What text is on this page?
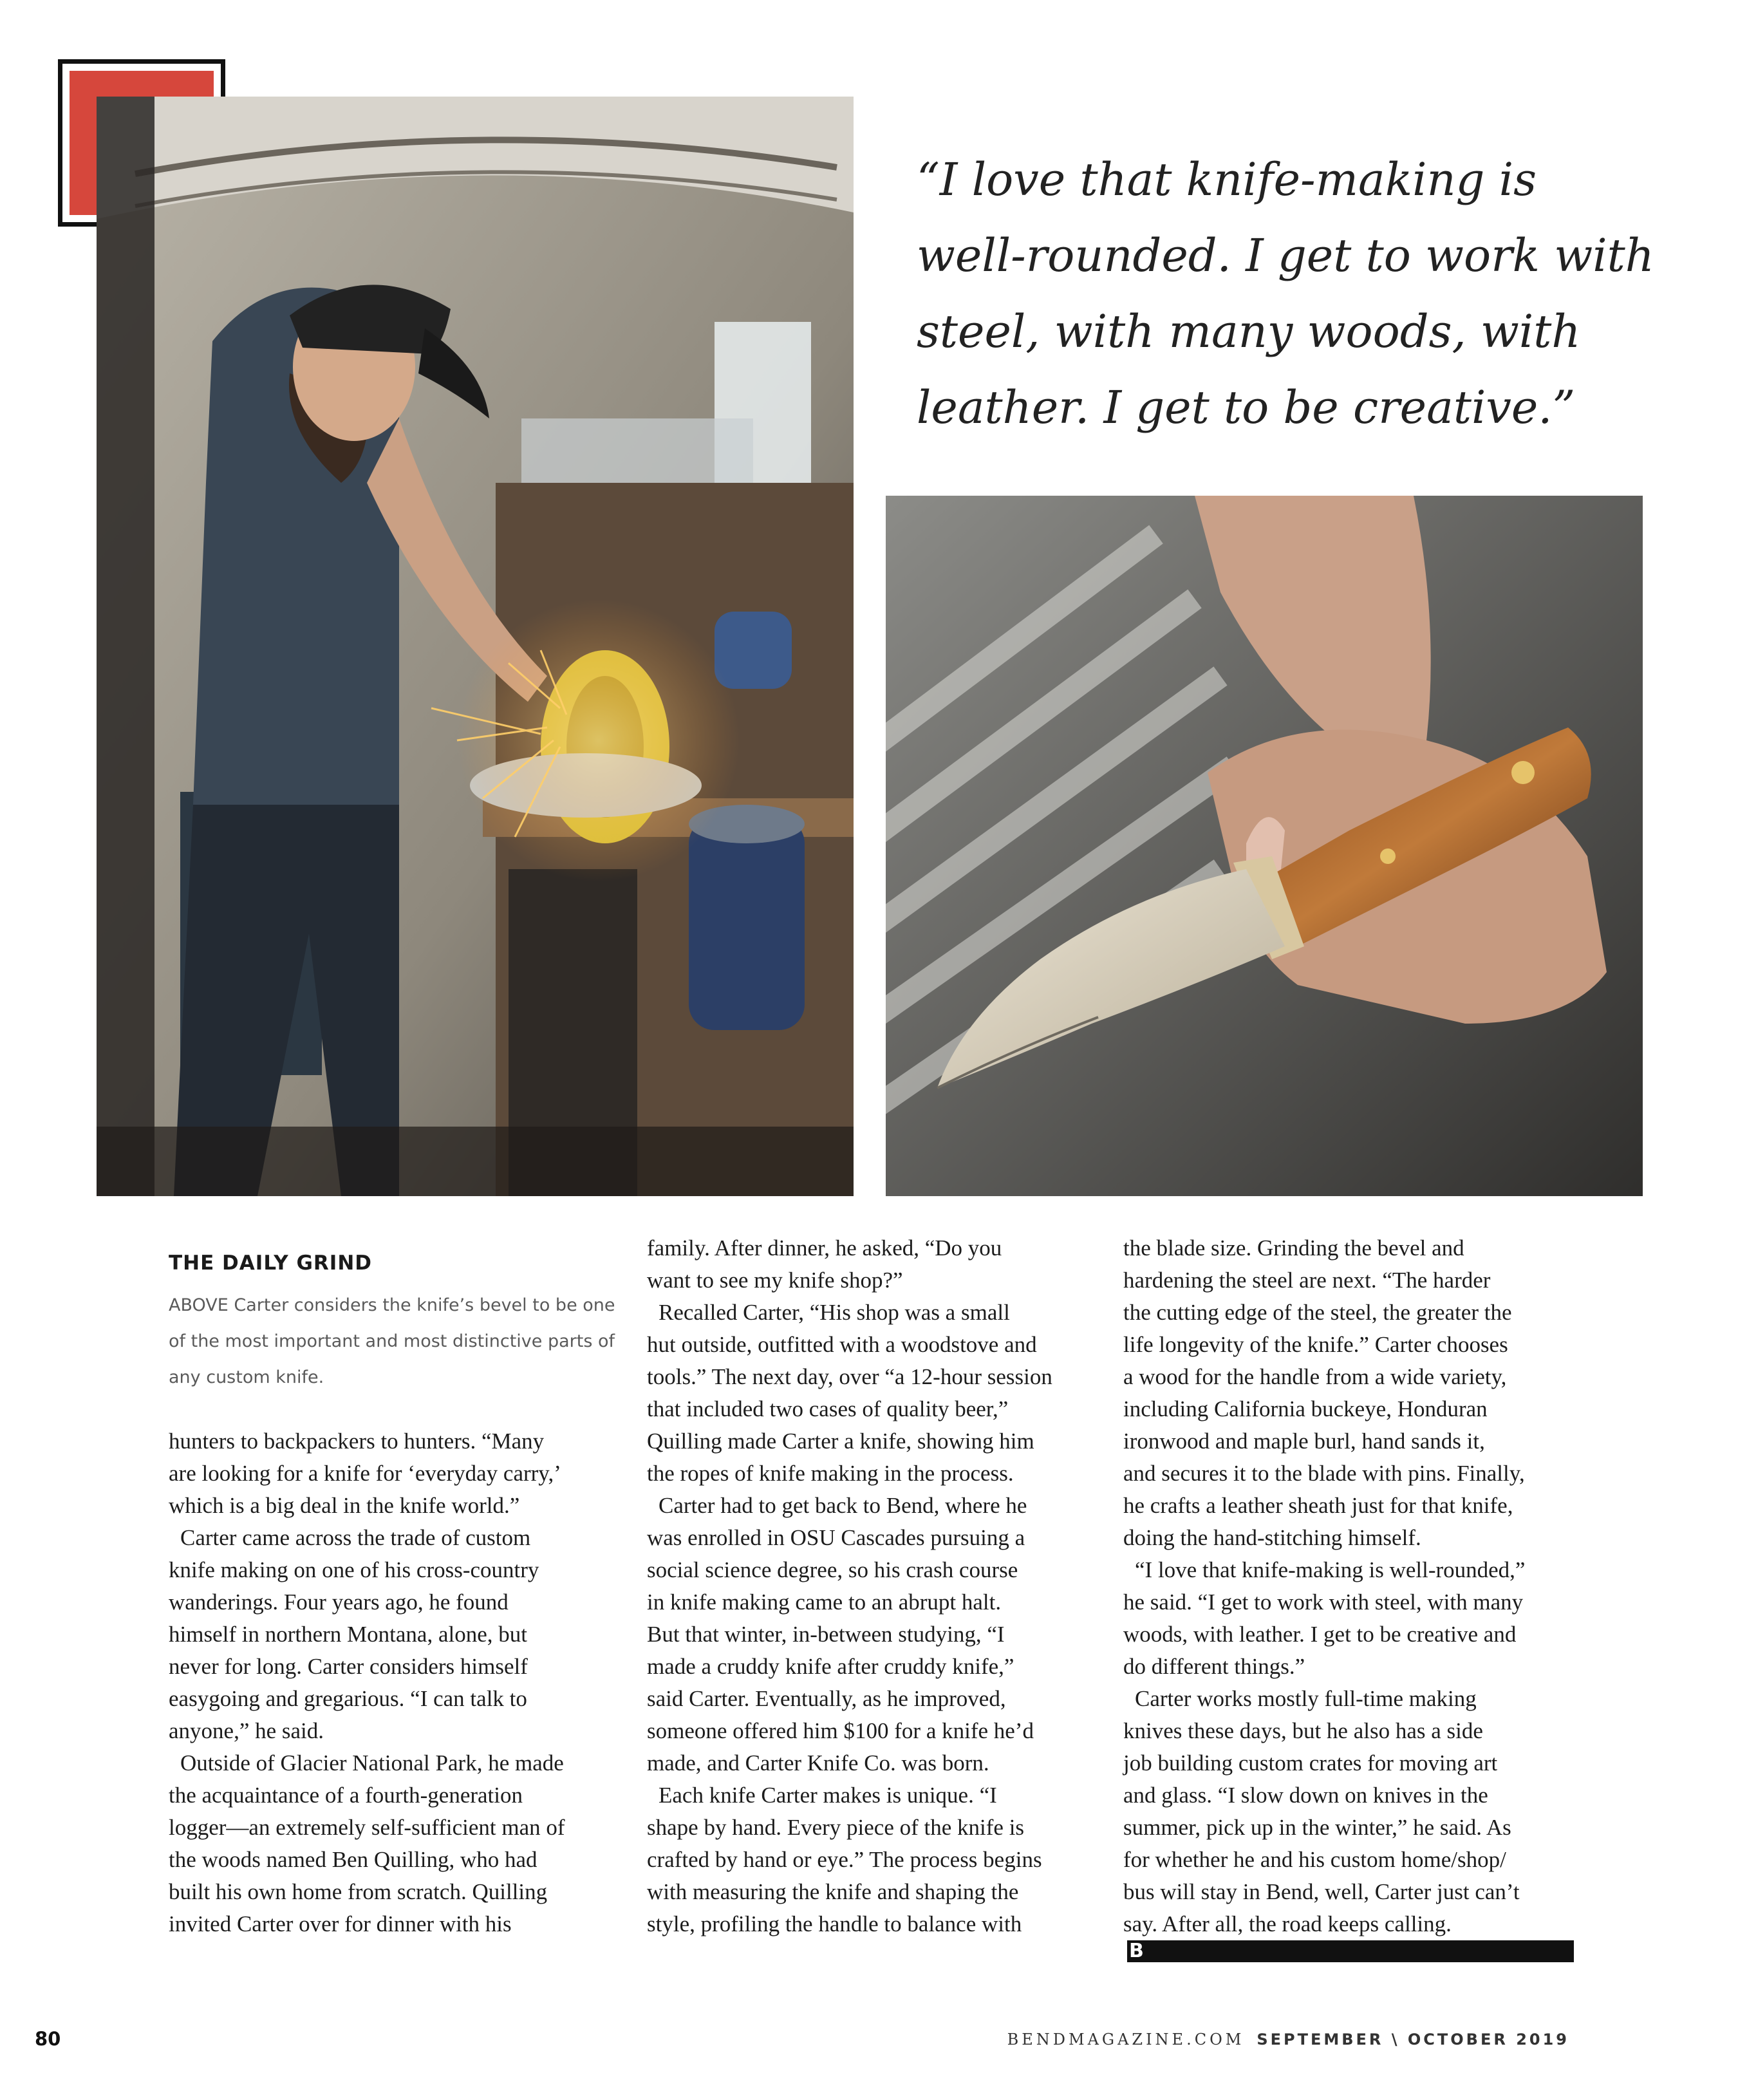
“I love that knife-making is
well-rounded. I get to work with
steel, with many woods, with
leather. I get to be creative.”
THE DAILY GRIND
ABOVE Carter considers the knife’s bevel to be one
of the most important and most distinctive parts of
any custom knife.
hunters to backpackers to hunters. “Many
are looking for a knife for ‘everyday carry,’
which is a big deal in the knife world.”
Carter came across the trade of custom
knife making on one of his cross-country
wanderings. Four years ago, he found
himself in northern Montana, alone, but
never for long. Carter considers himself
easygoing and gregarious. “I can talk to
anyone,” he said.
Outside of Glacier National Park, he made
the acquaintance of a fourth-generation
logger—an extremely self-sufficient man of
the woods named Ben Quilling, who had
built his own home from scratch. Quilling
invited Carter over for dinner with his
family. After dinner, he asked, “Do you
want to see my knife shop?”
Recalled Carter, “His shop was a small
hut outside, outfitted with a woodstove and
tools.” The next day, over “a 12-hour session
that included two cases of quality beer,”
Quilling made Carter a knife, showing him
the ropes of knife making in the process.
Carter had to get back to Bend, where he
was enrolled in OSU Cascades pursuing a
social science degree, so his crash course
in knife making came to an abrupt halt.
But that winter, in-between studying, “I
made a cruddy knife after cruddy knife,”
said Carter. Eventually, as he improved,
someone offered him $100 for a knife he’d
made, and Carter Knife Co. was born.
Each knife Carter makes is unique. “I
shape by hand. Every piece of the knife is
crafted by hand or eye.” The process begins
with measuring the knife and shaping the
style, profiling the handle to balance with
the blade size. Grinding the bevel and
hardening the steel are next. “The harder
the cutting edge of the steel, the greater the
life longevity of the knife.” Carter chooses
a wood for the handle from a wide variety,
including California buckeye, Honduran
ironwood and maple burl, hand sands it,
and secures it to the blade with pins. Finally,
he crafts a leather sheath just for that knife,
doing the hand-stitching himself.
“I love that knife-making is well-rounded,”
he said. “I get to work with steel, with many
woods, with leather. I get to be creative and
do different things.”
Carter works mostly full-time making
knives these days, but he also has a side
job building custom crates for moving art
and glass. “I slow down on knives in the
summer, pick up in the winter,” he said. As
for whether he and his custom home/shop/
bus will stay in Bend, well, Carter just can’t
say. After all, the road keeps calling.
B
80	BENDMAGAZINE.COM SEPTEMBER \ OCTOBER 2019
